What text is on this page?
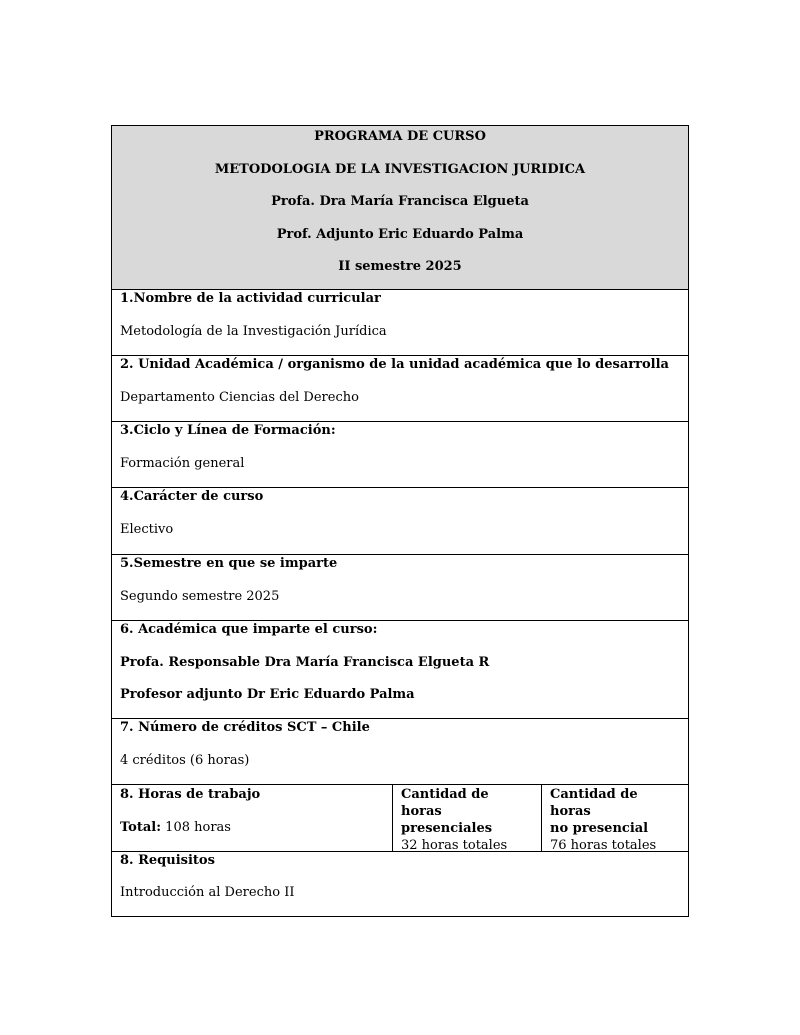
PROGRAMA DE CURSO
METODOLOGIA DE LA INVESTIGACION JURIDICA
Profa. Dra María Francisca Elgueta
Prof. Adjunto Eric Eduardo Palma
II semestre 2025
1.Nombre de la actividad curricular
Metodología de la Investigación Jurídica
2. Unidad Académica / organismo de la unidad académica que lo desarrolla
Departamento Ciencias del Derecho
3.Ciclo y Línea de Formación:
Formación general
4.Carácter de curso
Electivo
5.Semestre en que se imparte
Segundo semestre 2025
6. Académica que imparte el curso:
Profa. Responsable Dra María Francisca Elgueta R
Profesor adjunto Dr Eric Eduardo Palma
7. Número de créditos SCT – Chile
4 créditos (6 horas)
8. Horas de trabajo
Total: 108 horas
Cantidad de horas
presenciales
32 horas totales
Cantidad de horas
no presencial
76 horas totales
8. Requisitos
Introducción al Derecho II
